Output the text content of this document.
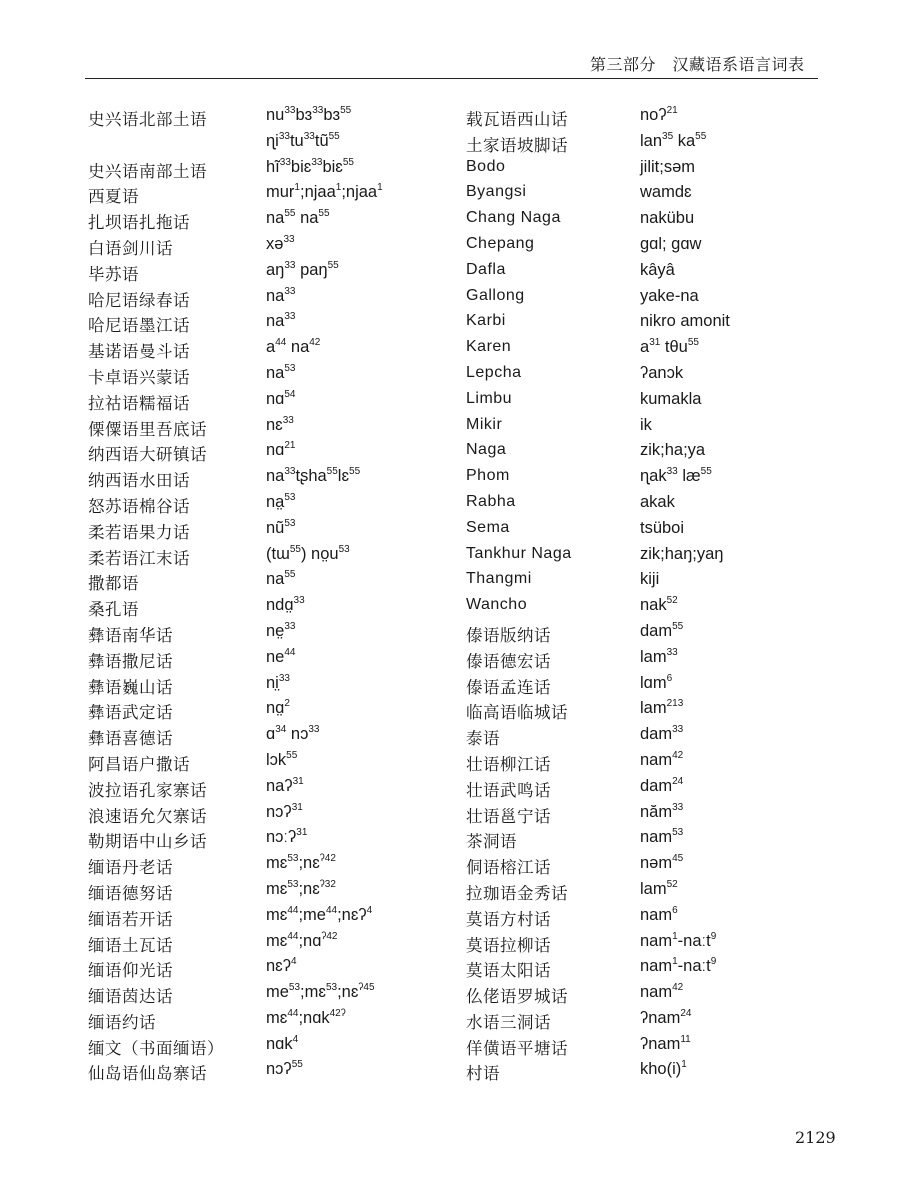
第三部分　汉藏语系语言词表
史兴语北部土语	$nu^{33}bɜ^{33}bɜ^{55}$
$ɳi^{33}tu^{33}tũ^{55}$
史兴语南部土语	$hĩ^{33}biɛ^{33}biɛ^{55}$
西夏语	mur$^1$;njaa$^1$;njaa$^1$
扎坝语扎拖话	$na^{55}$ $na^{55}$
白语剑川话	xə$^{33}$
毕苏语	$aŋ^{33}$ paŋ$^{55}$
哈尼语绿春话	$na^{33}$
哈尼语墨江话	$na^{33}$
基诺语曼斗话	$a^{44}$ $na^{42}$
卡卓语兴蒙话	$na^{53}$
拉祜语糯福话	nɑ$^{54}$
傈僳语里吾底话	nɛ$^{33}$
纳西语大研镇话	nɑ$^{21}$
纳西语水田话	$na^{33}tʂha^{55}lɛ^{55}$
怒苏语棉谷话	na̤$^{53}$
柔若语果力话	$nũ^{53}$
柔若语江末话	(tɯ$^{55}$) $no̤u^{53}$
撒都语	$na^{55}$
桑孔语	ndɑ̤$^{33}$
彝语南华话	ne̤$^{33}$
彝语撒尼话	$ne^{44}$
彝语巍山话	ni̤$^{33}$
彝语武定话	nɑ̤$^2$
彝语喜德话	ɑ$^{34}$ nɔ$^{33}$
阿昌语户撒话	lɔk$^{55}$
波拉语孔家寨话	naʔ$^{31}$
浪速语允欠寨话	nɔʔ$^{31}$
勒期语中山乡话	nɔːʔ$^{31}$
缅语丹老话	mɛ$^{53}$;nɛ$^{ʔ42}$
缅语德努话	mɛ$^{53}$;nɛ$^{ʔ32}$
缅语若开话	$mɛ^{44};me^{44};nɛʔ^4$
缅语土瓦话	mɛ$^{44}$;nɑ$^{ʔ42}$
缅语仰光话	nɛʔ$^4$
缅语茵达话	$me^{53};mɛ^{53};nɛ^{ʔ45}$
缅语约话	mɛ$^{44}$;nɑk$^{42ʔ}$
缅文（书面缅语）	nɑk$^4$
仙岛语仙岛寨话	nɔʔ$^{55}$
载瓦语西山话	noʔ$^{21}$
土家语坡脚话	lan$^{35}$ $ka^{55}$
Bodo	jilit;səm
Byangsi	wamdɛ
Chang Naga	nakübu
Chepang	gɑl; gɑw
Dafla	kâyâ
Gallong	yake-na
Karbi	nikro amonit
Karen	$a^{31}$ tθu$^{55}$
Lepcha	ʔanɔk
Limbu	kumakla
Mikir	ik
Naga	zik;ha;ya
Phom	ɳak$^{33}$ $læ^{55}$
Rabha	akak
Sema	tsüboi
Tankhur Naga	zik;haŋ;yaŋ
Thangmi	kiji
Wancho	nak$^{52}$
傣语版纳话	dam$^{55}$
傣语德宏话	lam$^{33}$
傣语孟连话	lɑm$^6$
临高语临城话	lam$^{213}$
泰语	dam$^{33}$
壮语柳江话	nam$^{42}$
壮语武鸣话	dam$^{24}$
壮语邕宁话	năm$^{33}$
茶洞语	nam$^{53}$
侗语榕江话	nəm$^{45}$
拉珈语金秀话	lam$^{52}$
莫语方村话	nam$^6$
莫语拉柳话	nam$^1$-naːt$^9$
莫语太阳话	nam$^1$-naːt$^9$
仫佬语罗城话	nam$^{42}$
水语三洞话	ʔnam$^{24}$
佯僙语平塘话	ʔnam$^{11}$
村语	$kho(i)^1$
2129
